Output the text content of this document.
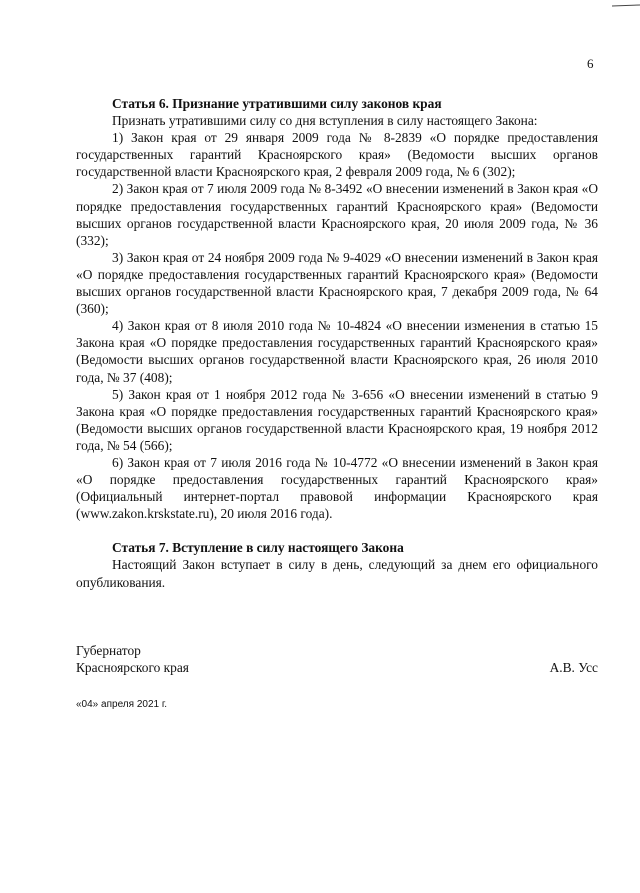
6

Статья 6. Признание утратившими силу законов края

Признать утратившими силу со дня вступления в силу настоящего Закона:

1) Закон края от 29 января 2009 года № 8-2839 «О порядке предоставления государственных гарантий Красноярского края» (Ведомости высших органов государственной власти Красноярского края, 2 февраля 2009 года, № 6 (302);

2) Закон края от 7 июля 2009 года № 8-3492 «О внесении изменений в Закон края «О порядке предоставления государственных гарантий Красноярского края» (Ведомости высших органов государственной власти Красноярского края, 20 июля 2009 года, № 36 (332);

3) Закон края от 24 ноября 2009 года № 9-4029 «О внесении изменений в Закон края «О порядке предоставления государственных гарантий Красноярского края» (Ведомости высших органов государственной власти Красноярского края, 7 декабря 2009 года, № 64 (360);

4) Закон края от 8 июля 2010 года № 10-4824 «О внесении изменения в статью 15 Закона края «О порядке предоставления государственных гарантий Красноярского края» (Ведомости высших органов государственной власти Красноярского края, 26 июля 2010 года, № 37 (408);

5) Закон края от 1 ноября 2012 года № 3-656 «О внесении изменений в статью 9 Закона края «О порядке предоставления государственных гарантий Красноярского края» (Ведомости высших органов государственной власти Красноярского края, 19 ноября 2012 года, № 54 (566);

6) Закон края от 7 июля 2016 года № 10-4772 «О внесении изменений в Закон края «О порядке предоставления государственных гарантий Красноярского края» (Официальный интернет-портал правовой информации Красноярского края (www.zakon.krskstate.ru), 20 июля 2016 года).

Статья 7. Вступление в силу настоящего Закона

Настоящий Закон вступает в силу в день, следующий за днем его официального опубликования.

Губернатор
Красноярского края	А.В. Усс
«04» апреля 2021 г.
